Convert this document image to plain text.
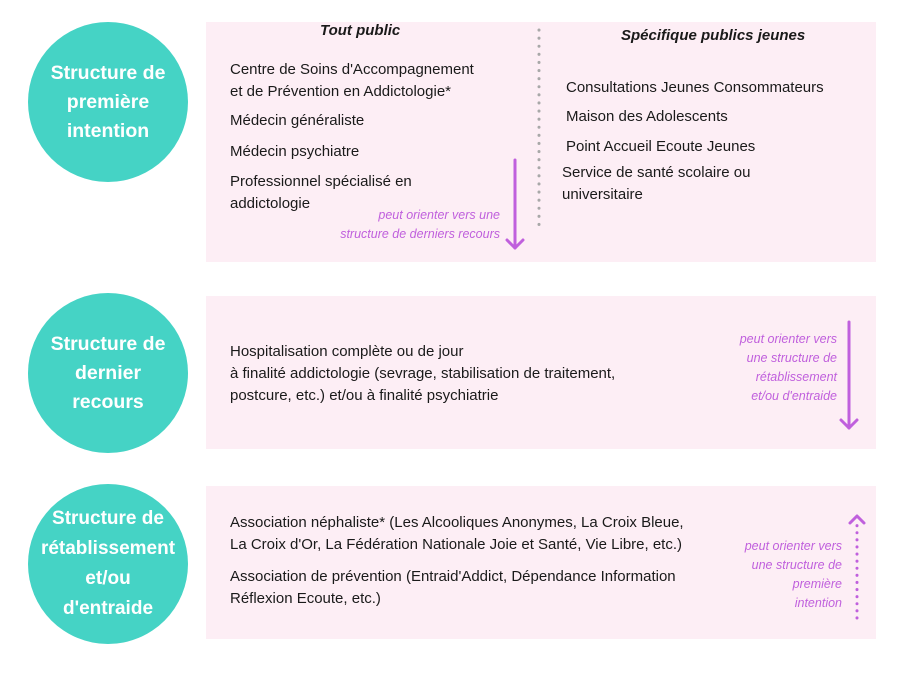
Structure de
première
intention
Tout public	Spécifique publics jeunes
Centre de Soins d'Accompagnement
et de Prévention en Addictologie*
Médecin généraliste
Médecin psychiatre
Professionnel spécialisé en
addictologie
Consultations Jeunes Consommateurs
Maison des Adolescents
Point Accueil Ecoute Jeunes
Service de santé scolaire ou
universitaire
peut orienter vers une
structure de derniers recours
Structure de
dernier
recours
Hospitalisation complète ou de jour
à finalité addictologie (sevrage, stabilisation de traitement,
postcure, etc.) et/ou à finalité psychiatrie
peut orienter vers
une structure de
rétablissement
et/ou d'entraide
Structure de
rétablissement
et/ou
d'entraide
Association néphaliste* (Les Alcooliques Anonymes, La Croix Bleue,
La Croix d'Or, La Fédération Nationale Joie et Santé, Vie Libre, etc.)
Association de prévention (Entraid'Addict, Dépendance Information
Réflexion Ecoute, etc.)
peut orienter vers
une structure de
première
intention
